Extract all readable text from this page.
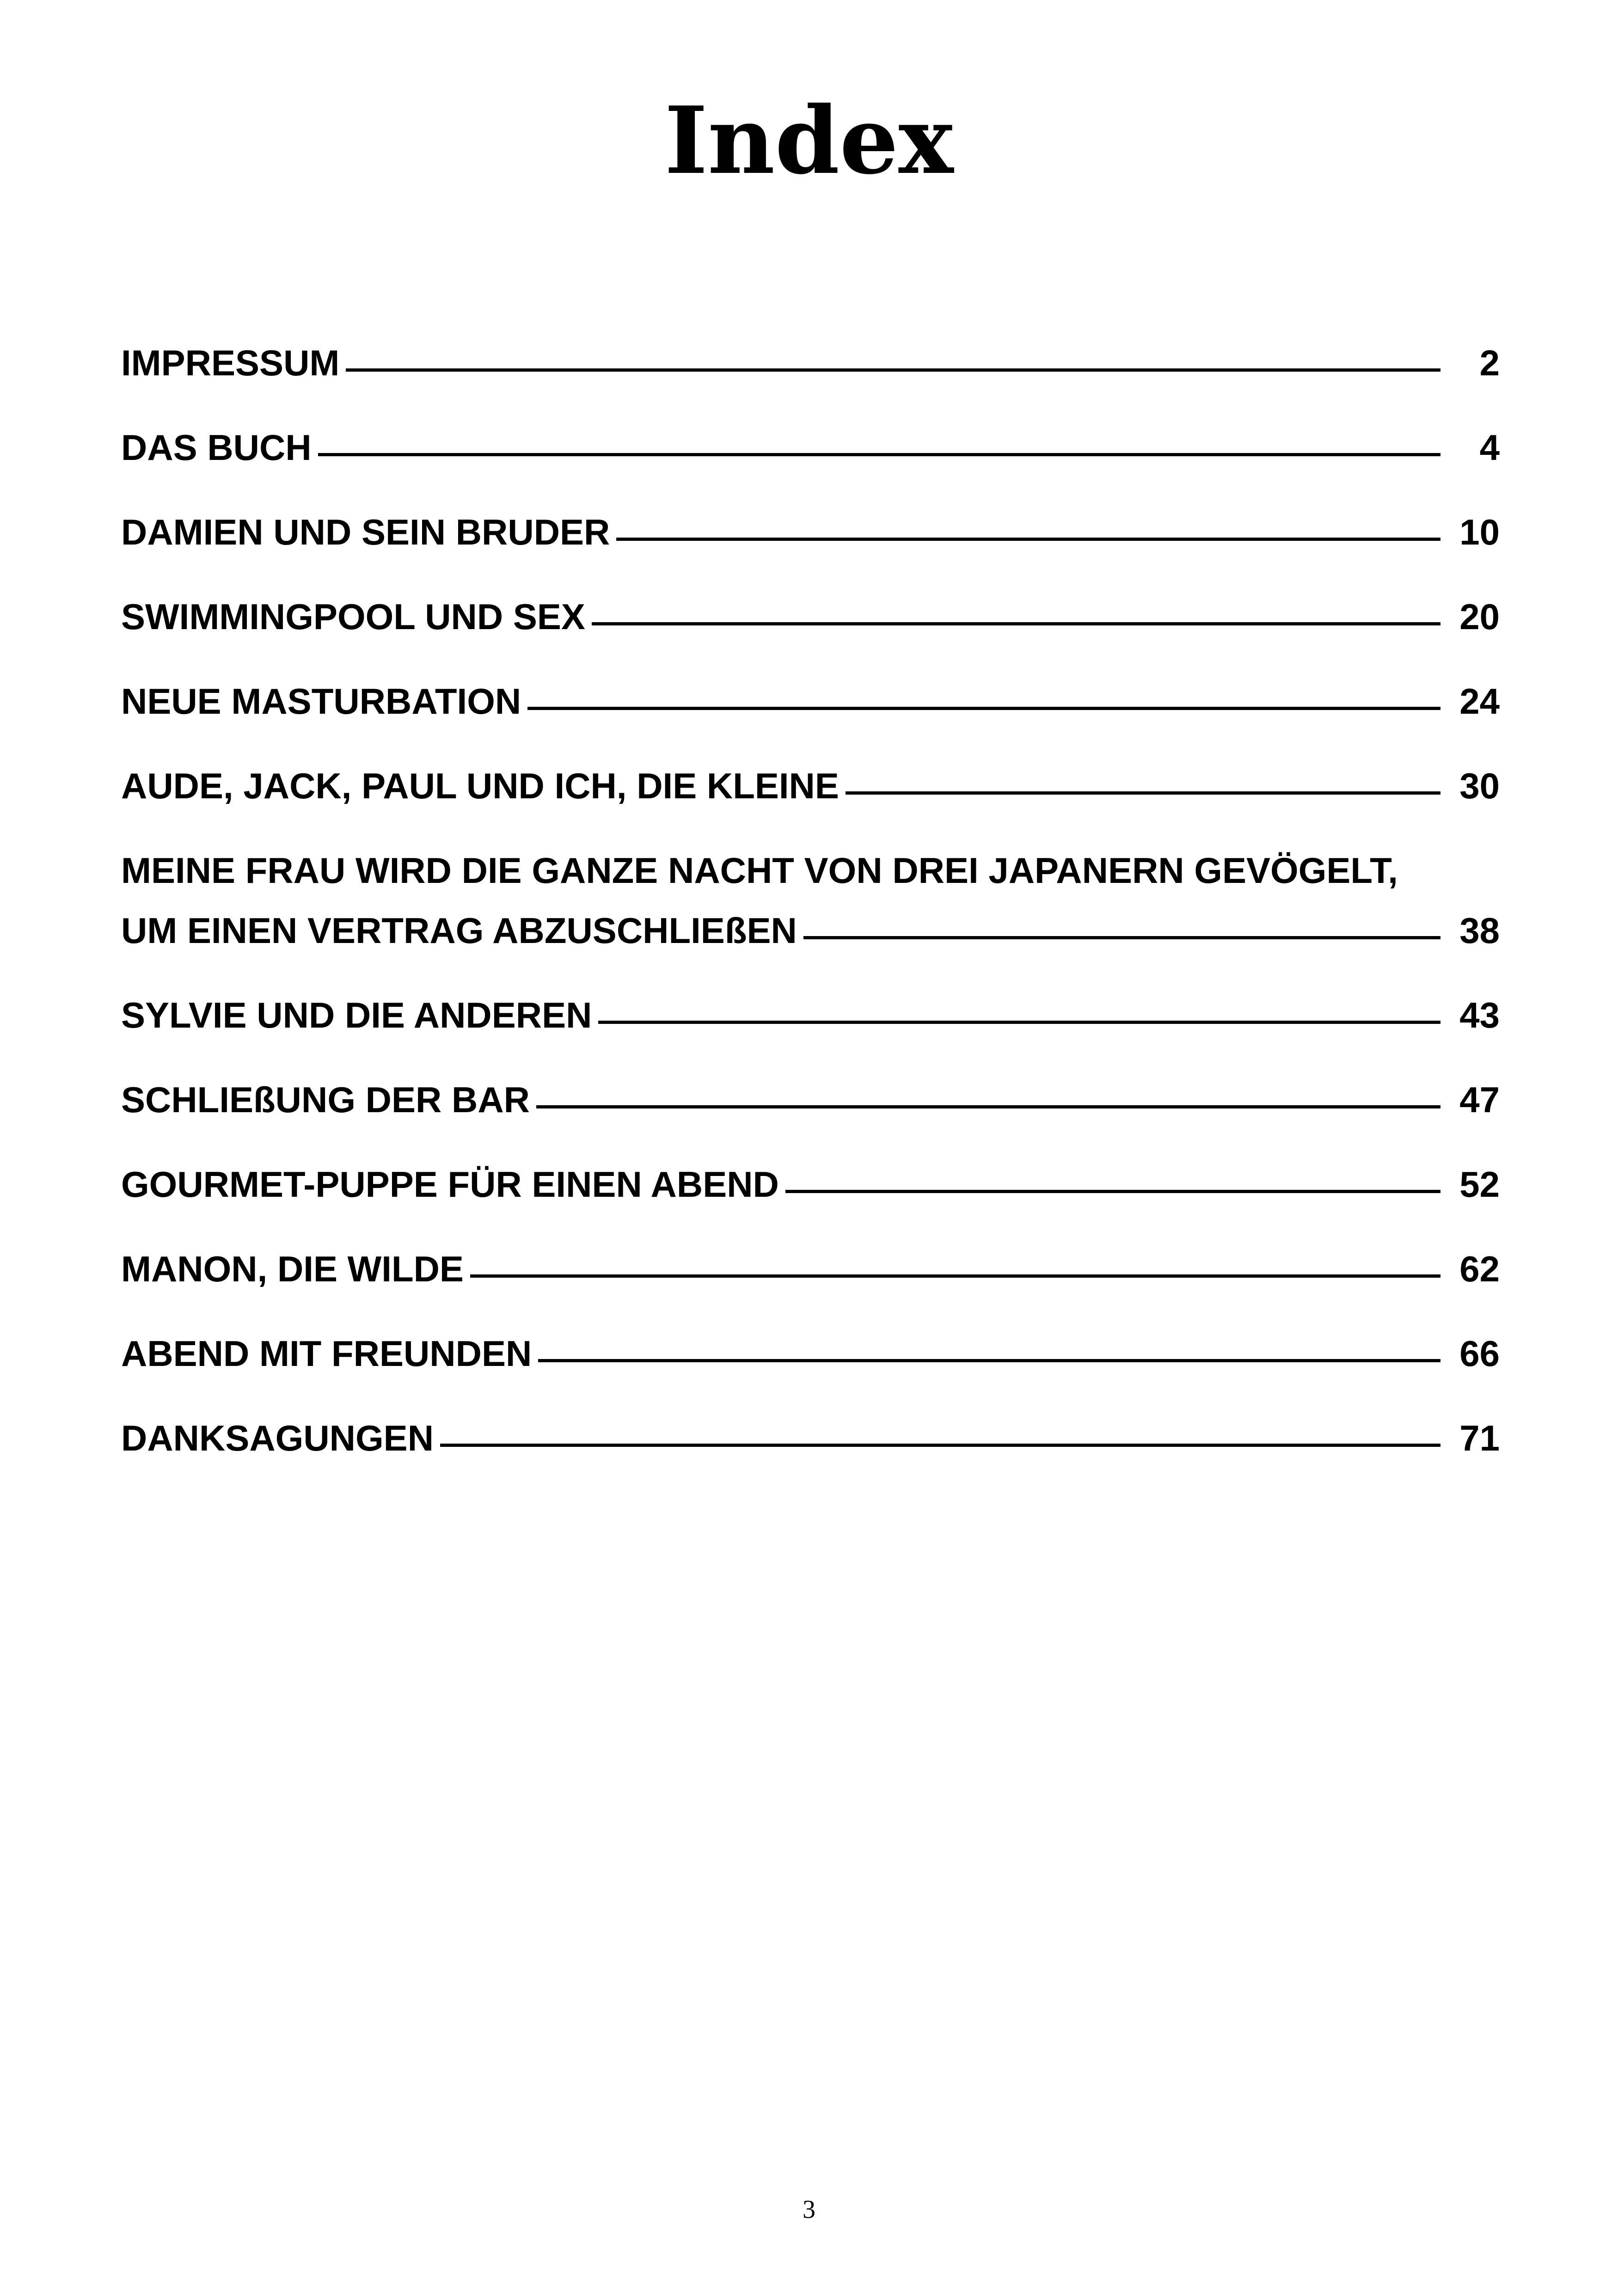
Index
IMPRESSUM	2
DAS BUCH	4
DAMIEN UND SEIN BRUDER	10
SWIMMINGPOOL UND SEX	20
NEUE MASTURBATION	24
AUDE, JACK, PAUL UND ICH, DIE KLEINE	30
MEINE FRAU WIRD DIE GANZE NACHT VON DREI JAPANERN GEVÖGELT,
UM EINEN VERTRAG ABZUSCHLIEßEN	38
SYLVIE UND DIE ANDEREN	43
SCHLIEßUNG DER BAR	47
GOURMET-PUPPE FÜR EINEN ABEND	52
MANON, DIE WILDE	62
ABEND MIT FREUNDEN	66
DANKSAGUNGEN	71
3
